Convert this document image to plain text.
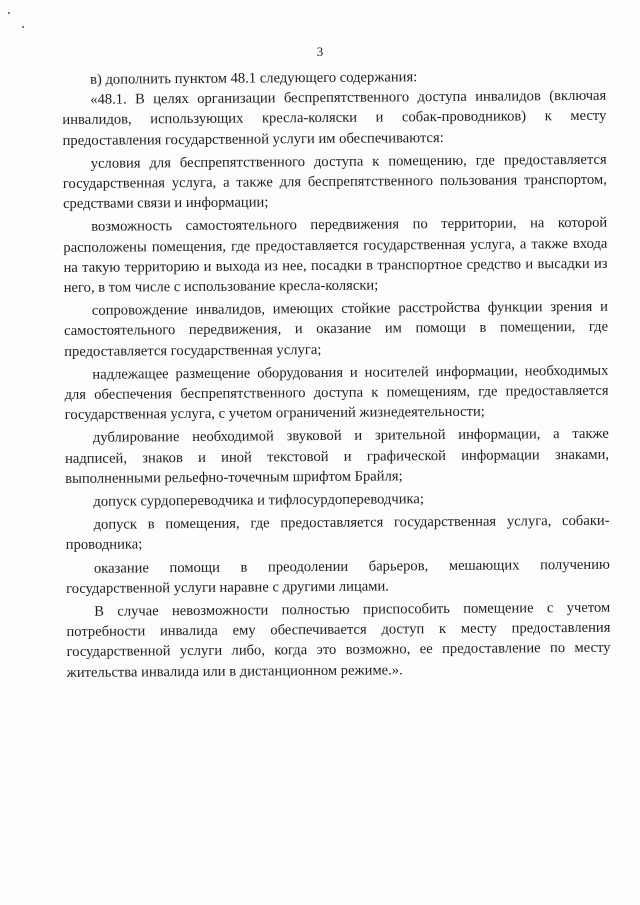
3

в) дополнить пунктом 48.1 следующего содержания:

«48.1. В целях организации беспрепятственного доступа инвалидов (включая инвалидов, использующих кресла-коляски и собак-проводников) к месту предоставления государственной услуги им обеспечиваются:

условия для беспрепятственного доступа к помещению, где предоставляется государственная услуга, а также для беспрепятственного пользования транспортом, средствами связи и информации;

возможность самостоятельного передвижения по территории, на которой расположены помещения, где предоставляется государственная услуга, а также входа на такую территорию и выхода из нее, посадки в транспортное средство и высадки из него, в том числе с использование кресла-коляски;

сопровождение инвалидов, имеющих стойкие расстройства функции зрения и самостоятельного передвижения, и оказание им помощи в помещении, где предоставляется государственная услуга;

надлежащее размещение оборудования и носителей информации, необходимых для обеспечения беспрепятственного доступа к помещениям, где предоставляется государственная услуга, с учетом ограничений жизнедеятельности;

дублирование необходимой звуковой и зрительной информации, а также надписей, знаков и иной текстовой и графической информации знаками, выполненными рельефно-точечным шрифтом Брайля;

допуск сурдопереводчика и тифлосурдопереводчика;

допуск в помещения, где предоставляется государственная услуга, собаки-проводника;

оказание помощи в преодолении барьеров, мешающих получению государственной услуги наравне с другими лицами.

В случае невозможности полностью приспособить помещение с учетом потребности инвалида ему обеспечивается доступ к месту предоставления государственной услуги либо, когда это возможно, ее предоставление по месту жительства инвалида или в дистанционном режиме.».
